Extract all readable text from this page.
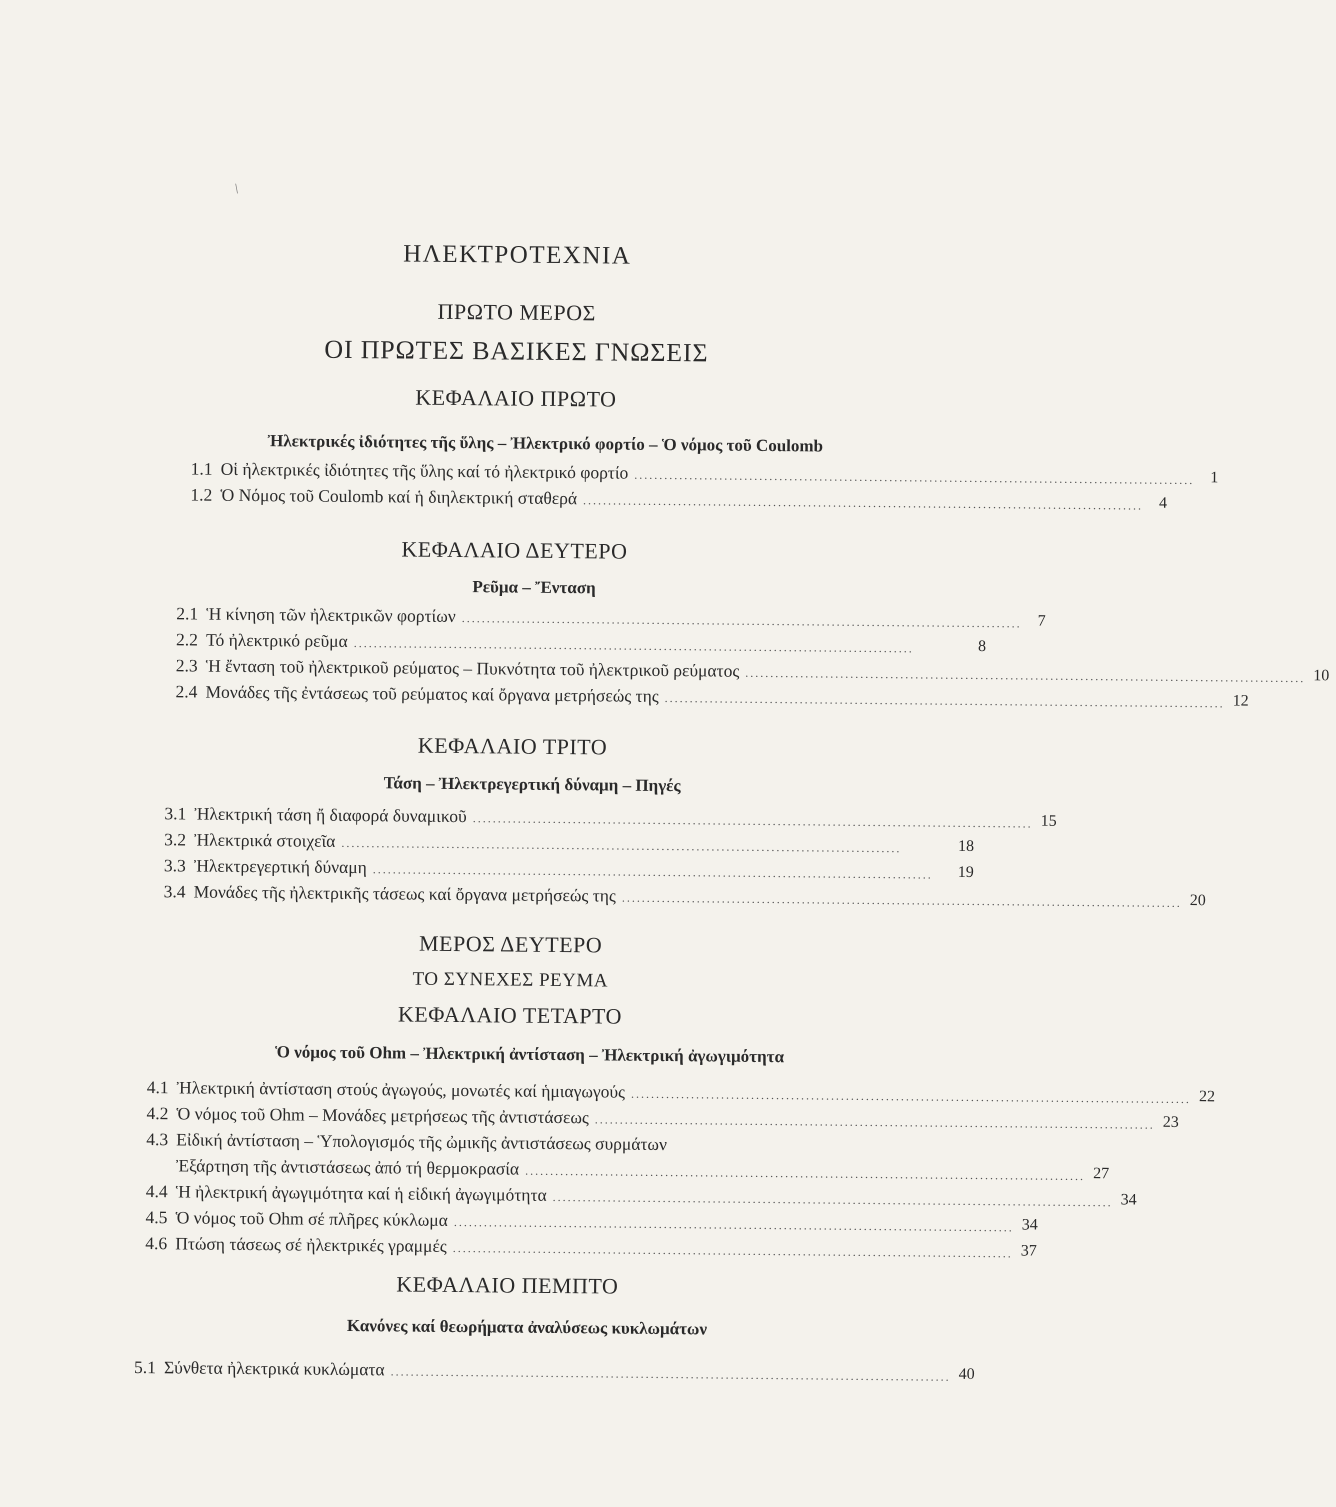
/
ΗΛΕΚΤΡΟΤΕΧΝΙΑ
ΠΡΩΤΟ ΜΕΡΟΣ
ΟΙ ΠΡΩΤΕΣ ΒΑΣΙΚΕΣ ΓΝΩΣΕΙΣ
ΚΕΦΑΛΑΙΟ ΠΡΩΤΟ
Ἠλεκτρικές ἰδιότητες τῆς ὕλης – Ἠλεκτρικό φορτίο – Ὁ νόμος τοῦ Coulomb
1.1 Οἱ ἠλεκτρικές ἰδιότητες τῆς ὕλης καί τό ἠλεκτρικό φορτίο ................................................................................................................ 1
1.2 Ὁ Νόμος τοῦ Coulomb καί ἡ διηλεκτρική σταθερά ................................................................................................................ 4
ΚΕΦΑΛΑΙΟ ΔΕΥΤΕΡΟ
Ρεῦμα – Ἔνταση
2.1 Ἡ κίνηση τῶν ἠλεκτρικῶν φορτίων ................................................................................................................ 7
2.2 Τό ἠλεκτρικό ρεῦμα ................................................................................................................	8
2.3 Ἡ ἔνταση τοῦ ἠλεκτρικοῦ ρεύματος – Πυκνότητα τοῦ ἠλεκτρικοῦ ρεύματος ................................................................................................................ 10
2.4 Μονάδες τῆς ἐντάσεως τοῦ ρεύματος καί ὄργανα μετρήσεώς της ................................................................................................................ 12
ΚΕΦΑΛΑΙΟ ΤΡΙΤΟ
Τάση – Ἠλεκτρεγερτική δύναμη – Πηγές
3.1 Ἠλεκτρική τάση ἤ διαφορά δυναμικοῦ ................................................................................................................ 15
3.2 Ἠλεκτρικά στοιχεῖα ................................................................................................................	18
3.3 Ἠλεκτρεγερτική δύναμη ................................................................................................................	19
3.4 Μονάδες τῆς ἠλεκτρικῆς τάσεως καί ὄργανα μετρήσεώς της ................................................................................................................ 20
ΜΕΡΟΣ ΔΕΥΤΕΡΟ
ΤΟ ΣΥΝΕΧΕΣ ΡΕΥΜΑ
ΚΕΦΑΛΑΙΟ ΤΕΤΑΡΤΟ
Ὁ νόμος τοῦ Ohm – Ἠλεκτρική ἀντίσταση – Ἠλεκτρική ἀγωγιμότητα
4.1 Ἠλεκτρική ἀντίσταση στούς ἀγωγούς, μονωτές καί ἡμιαγωγούς ................................................................................................................ 22
4.2 Ὁ νόμος τοῦ Ohm – Μονάδες μετρήσεως τῆς ἀντιστάσεως ................................................................................................................ 23
4.3 Εἰδική ἀντίσταση – Ὑπολογισμός τῆς ὠμικῆς ἀντιστάσεως συρμάτων
Ἐξάρτηση τῆς ἀντιστάσεως ἀπό τή θερμοκρασία ................................................................................................................ 27
4.4 Ἡ ἠλεκτρική ἀγωγιμότητα καί ἡ εἰδική ἀγωγιμότητα ................................................................................................................ 34
4.5 Ὁ νόμος τοῦ Ohm σέ πλῆρες κύκλωμα ................................................................................................................ 34
4.6 Πτώση τάσεως σέ ἠλεκτρικές γραμμές ................................................................................................................ 37
ΚΕΦΑΛΑΙΟ ΠΕΜΠΤΟ
Κανόνες καί θεωρήματα ἀναλύσεως κυκλωμάτων
5.1 Σύνθετα ἠλεκτρικά κυκλώματα ................................................................................................................ 40
